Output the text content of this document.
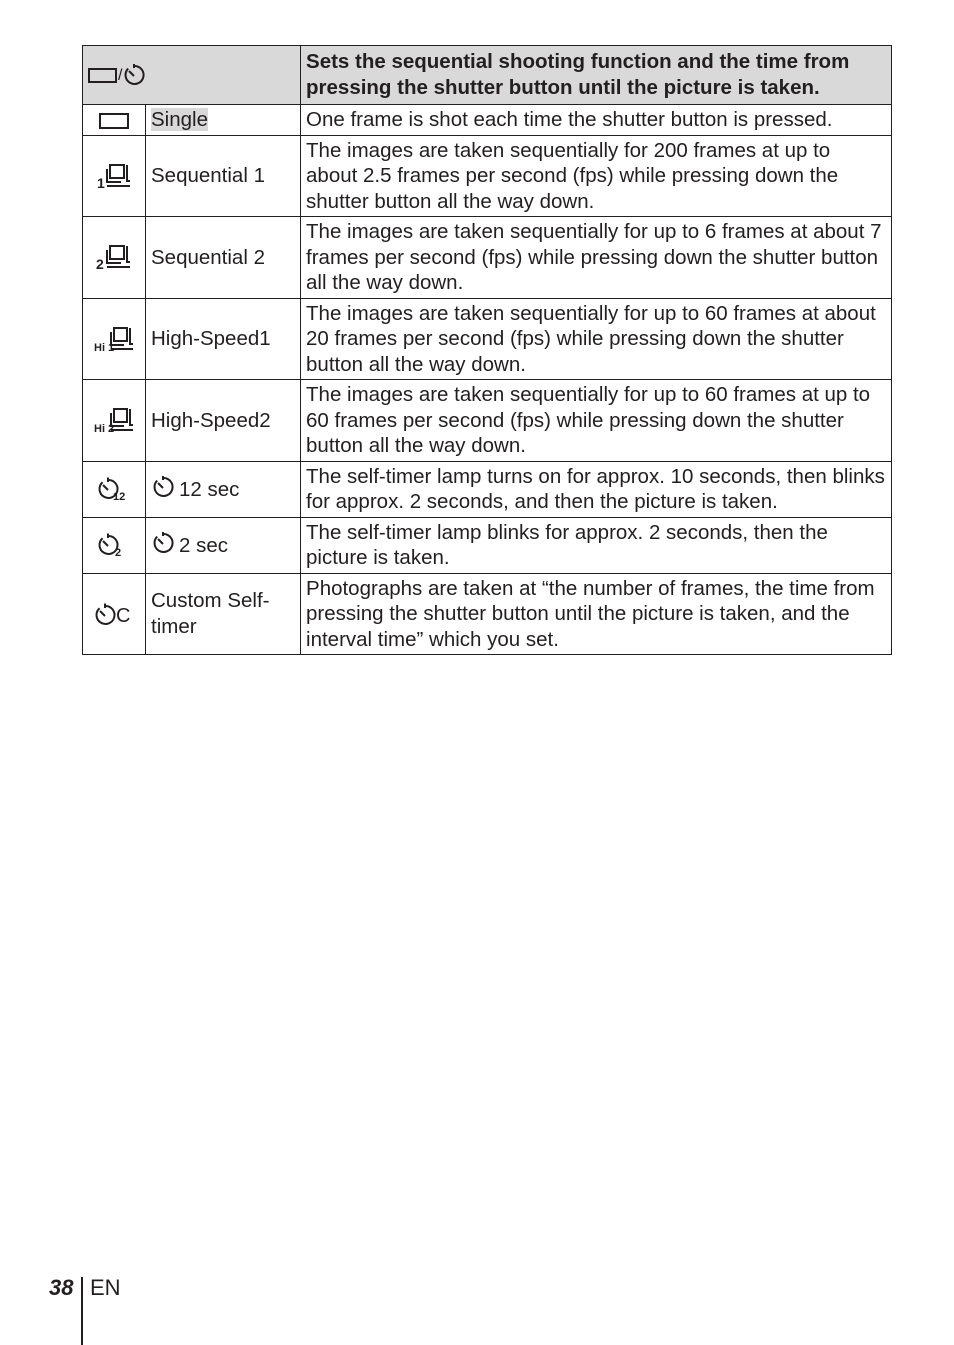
/		Sets the sequential shooting function and the time from pressing the shutter button until the picture is taken.
	Single	One frame is shot each time the shutter button is pressed.

1	Sequential 1	The images are taken sequentially for 200 frames at up to about 2.5 frames per second (fps) while pressing down the shutter button all the way down.

2	Sequential 2	The images are taken sequentially for up to 6 frames at about 7 frames per second (fps) while pressing down the shutter button all the way down.

Hi 1	High-Speed1	The images are taken sequentially for up to 60 frames at about 20 frames per second (fps) while pressing down the shutter button all the way down.

Hi 2	High-Speed2	The images are taken sequentially for up to 60 frames at up to 60 frames per second (fps) while pressing down the shutter button all the way down.

12	12 sec	The self-timer lamp turns on for approx. 10 seconds, then blinks for approx. 2 seconds, and then the picture is taken.

2	2 sec	The self-timer lamp blinks for approx. 2 seconds, then the picture is taken.

C	Custom Self-timer	Photographs are taken at “the number of frames, the time from pressing the shutter button until the picture is taken, and the interval time” which you set.
38 EN
